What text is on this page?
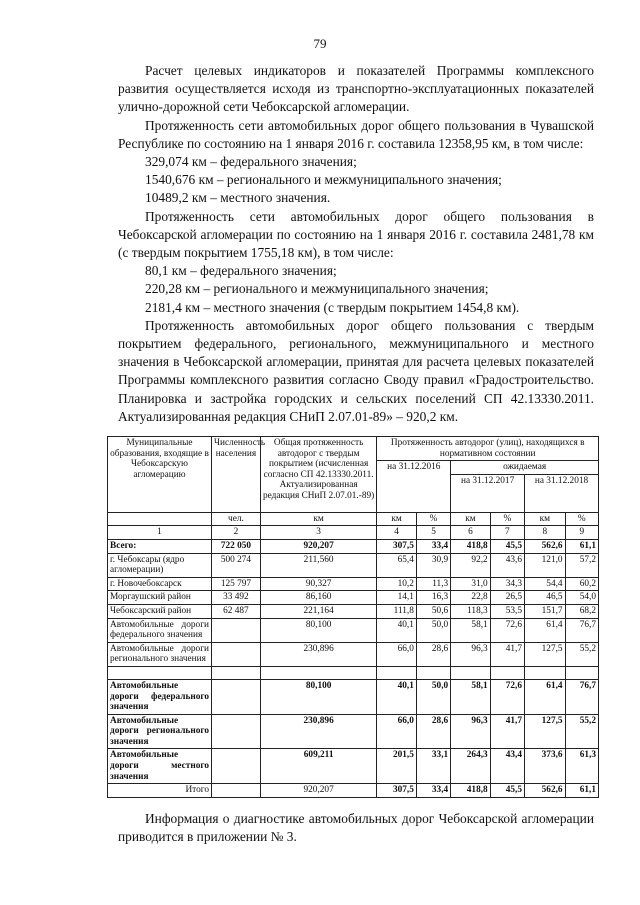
79

Расчет целевых индикаторов и показателей Программы комплексного развития осуществляется исходя из транспортно-эксплуатационных показателей улично-дорожной сети Чебоксарской агломерации.

Протяженность сети автомобильных дорог общего пользования в Чувашской Республике по состоянию на 1 января 2016 г. составила 12358,95 км, в том числе:

329,074 км – федерального значения;

1540,676 км – регионального и межмуниципального значения;

10489,2 км – местного значения.

Протяженность сети автомобильных дорог общего пользования в Чебоксарской агломерации по состоянию на 1 января 2016 г. составила 2481,78 км (с твердым покрытием 1755,18 км), в том числе:

80,1 км – федерального значения;

220,28 км – регионального и межмуниципального значения;

2181,4 км – местного значения (с твердым покрытием 1454,8 км).

Протяженность автомобильных дорог общего пользования с твердым покрытием федерального, регионального, межмуниципального и местного значения в Чебоксарской агломерации, принятая для расчета целевых показателей Программы комплексного развития согласно Своду правил «Градостроительство. Планировка и застройка городских и сельских поселений СП 42.13330.2011. Актуализированная редакция СНиП 2.07.01-89» – 920,2 км.

Муниципальные образования, входящие в Чебоксарскую агломерацию	Численность населения	Общая протяженность автодорог с твердым покрытием (исчисленная согласно СП 42.13330.2011. Актуализированная редакция СНиП 2.07.01.-89)	Протяженность автодорог (улиц), находящихся в нормативном состоянии					
			на 31.12.2016		ожидаемая			
					на 31.12.2017		на 31.12.2018	
	чел.	км	км	%	км	%	км	%
1	2	3	4	5	6	7	8	9
Всего:	722 050	920,207	307,5	33,4	418,8	45,5	562,6	61,1
г. Чебоксары (ядро агломерации)	500 274	211,560	65,4	30,9	92,2	43,6	121,0	57,2
г. Новочебоксарск	125 797	90,327	10,2	11,3	31,0	34,3	54,4	60,2
Моргаушский район	33 492	86,160	14,1	16,3	22,8	26,5	46,5	54,0
Чебоксарский район	62 487	221,164	111,8	50,6	118,3	53,5	151,7	68,2
Автомобильные дороги федерального значения		80,100	40,1	50,0	58,1	72,6	61,4	76,7
Автомобильные дороги регионального значения		230,896	66,0	28,6	96,3	41,7	127,5	55,2

Автомобильные дороги федерального значения		80,100	40,1	50,0	58,1	72,6	61,4	76,7
Автомобильные дороги регионального значения		230,896	66,0	28,6	96,3	41,7	127,5	55,2
Автомобильные дороги местного значения		609,211	201,5	33,1	264,3	43,4	373,6	61,3
Итого		920,207	307,5	33,4	418,8	45,5	562,6	61,1

Информация о диагностике автомобильных дорог Чебоксарской агломерации приводится в приложении № 3.
